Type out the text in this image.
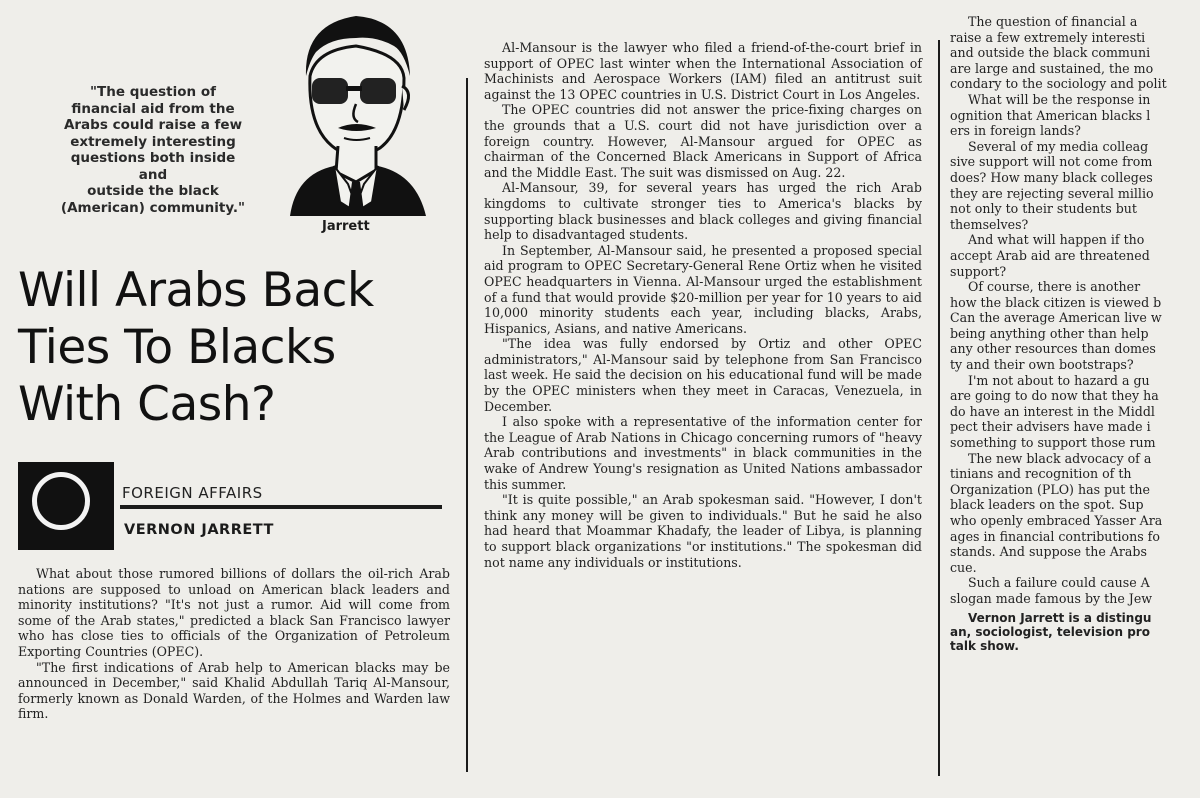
"The question of
financial aid from the
Arabs could raise a few
extremely interesting
questions both inside and
outside the black
(American) community."
Jarrett
Will Arabs Back
Ties To Blacks
With Cash?
FOREIGN AFFAIRS
VERNON JARRETT

What about those rumored billions of dollars the oil-rich Arab nations are supposed to unload on American black leaders and minority institutions? "It's not just a rumor. Aid will come from some of the Arab states," predicted a black San Francisco lawyer who has close ties to officials of the Organization of Petroleum Exporting Countries (OPEC).

"The first indications of Arab help to American blacks may be announced in December," said Khalid Abdullah Tariq Al-Mansour, formerly known as Donald Warden, of the Holmes and Warden law firm.

Al-Mansour is the lawyer who filed a friend-of-the-court brief in support of OPEC last winter when the International Association of Machinists and Aerospace Workers (IAM) filed an antitrust suit against the 13 OPEC countries in U.S. District Court in Los Angeles.

The OPEC countries did not answer the price-fixing charges on the grounds that a U.S. court did not have jurisdiction over a foreign country. However, Al-Mansour argued for OPEC as chairman of the Concerned Black Americans in Support of Africa and the Middle East. The suit was dismissed on Aug. 22.

Al-Mansour, 39, for several years has urged the rich Arab kingdoms to cultivate stronger ties to America's blacks by supporting black businesses and black colleges and giving financial help to disadvantaged students.

In September, Al-Mansour said, he presented a proposed special aid program to OPEC Secretary-General Rene Ortiz when he visited OPEC headquarters in Vienna. Al-Mansour urged the establishment of a fund that would provide $20-million per year for 10 years to aid 10,000 minority students each year, including blacks, Arabs, Hispanics, Asians, and native Americans.

"The idea was fully endorsed by Ortiz and other OPEC administrators," Al-Mansour said by telephone from San Francisco last week. He said the decision on his educational fund will be made by the OPEC ministers when they meet in Caracas, Venezuela, in December.

I also spoke with a representative of the information center for the League of Arab Nations in Chicago concerning rumors of "heavy Arab contributions and investments" in black communities in the wake of Andrew Young's resignation as United Nations ambassador this summer.

"It is quite possible," an Arab spokesman said. "However, I don't think any money will be given to individuals." But he said he also had heard that Moammar Khadafy, the leader of Libya, is planning to support black organizations "or institutions." The spokesman did not name any individuals or institutions.

The question of financial a
raise a few extremely interesti
and outside the black communi
are large and sustained, the mo
condary to the sociology and polit
What will be the response in
ognition that American blacks l
ers in foreign lands?
Several of my media colleag
sive support will not come from
does? How many black colleges
they are rejecting several millio
not only to their students but
themselves?
And what will happen if tho
accept Arab aid are threatened
support?
Of course, there is another
how the black citizen is viewed b
Can the average American live w
being anything other than help
any other resources than domes
ty and their own bootstraps?
I'm not about to hazard a gu
are going to do now that they ha
do have an interest in the Middl
pect their advisers have made i
something to support those rum
The new black advocacy of a
tinians and recognition of th
Organization (PLO) has put the
black leaders on the spot. Sup
who openly embraced Yasser Ara
ages in financial contributions fo
stands. And suppose the Arabs
cue.
Such a failure could cause A
slogan made famous by the Jew
Vernon Jarrett is a distingu
an, sociologist, television pro
talk show.
